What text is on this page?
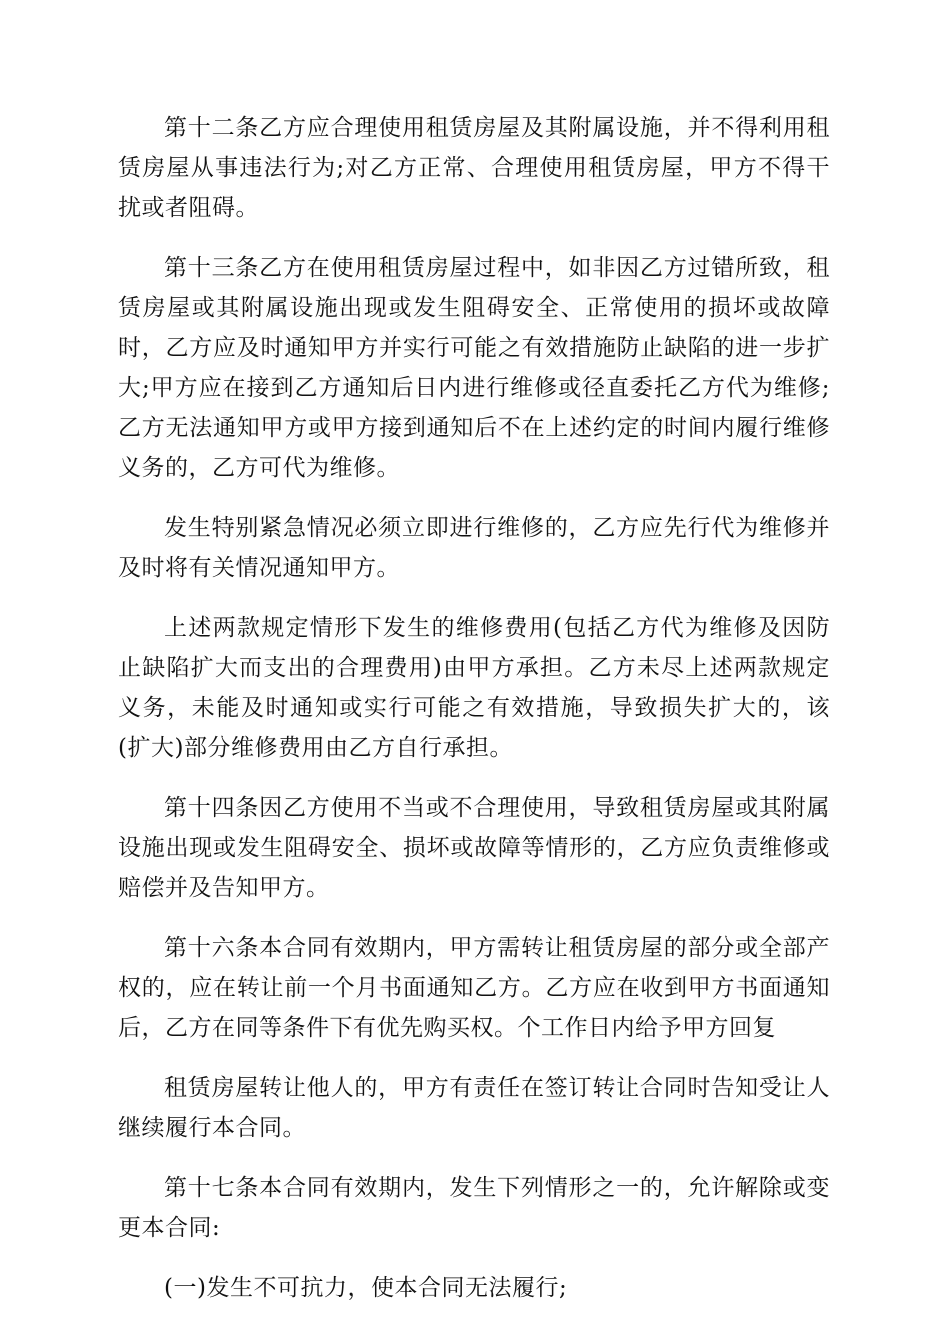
第十二条乙方应合理使用租赁房屋及其附属设施，并不得利用租赁房屋从事违法行为;对乙方正常、合理使用租赁房屋，甲方不得干扰或者阻碍。

第十三条乙方在使用租赁房屋过程中，如非因乙方过错所致，租赁房屋或其附属设施出现或发生阻碍安全、正常使用的损坏或故障时，乙方应及时通知甲方并实行可能之有效措施防止缺陷的进一步扩大;甲方应在接到乙方通知后日内进行维修或径直委托乙方代为维修;乙方无法通知甲方或甲方接到通知后不在上述约定的时间内履行维修义务的，乙方可代为维修。

发生特别紧急情况必须立即进行维修的，乙方应先行代为维修并及时将有关情况通知甲方。

上述两款规定情形下发生的维修费用(包括乙方代为维修及因防止缺陷扩大而支出的合理费用)由甲方承担。乙方未尽上述两款规定义务，未能及时通知或实行可能之有效措施，导致损失扩大的，该(扩大)部分维修费用由乙方自行承担。

第十四条因乙方使用不当或不合理使用，导致租赁房屋或其附属设施出现或发生阻碍安全、损坏或故障等情形的，乙方应负责维修或赔偿并及告知甲方。

第十六条本合同有效期内，甲方需转让租赁房屋的部分或全部产权的，应在转让前一个月书面通知乙方。乙方应在收到甲方书面通知后，乙方在同等条件下有优先购买权。个工作日内给予甲方回复

租赁房屋转让他人的，甲方有责任在签订转让合同时告知受让人继续履行本合同。

第十七条本合同有效期内，发生下列情形之一的，允许解除或变更本合同:

(一)发生不可抗力，使本合同无法履行;
